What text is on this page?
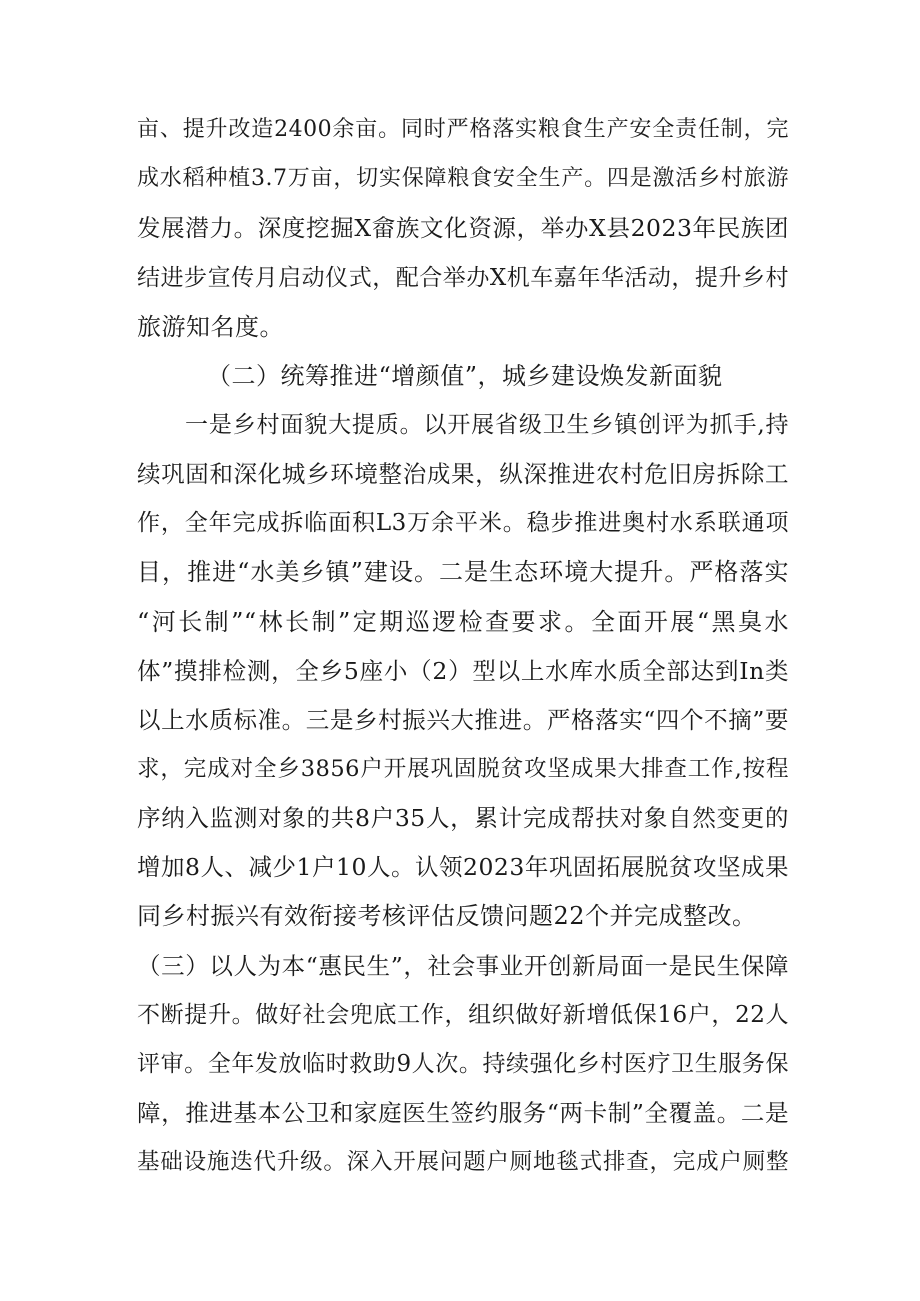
亩、提升改造2400余亩。同时严格落实粮食生产安全责任制，完
成水稻种植3.7万亩，切实保障粮食安全生产。四是激活乡村旅游
发展潜力。深度挖掘X畲族文化资源，举办X县2023年民族团
结进步宣传月启动仪式，配合举办X机车嘉年华活动，提升乡村
旅游知名度。
（二）统筹推进“增颜值”，城乡建设焕发新面貌
一是乡村面貌大提质。以开展省级卫生乡镇创评为抓手,持
续巩固和深化城乡环境整治成果，纵深推进农村危旧房拆除工
作，全年完成拆临面积L3万余平米。稳步推进奥村水系联通项
目，推进“水美乡镇”建设。二是生态环境大提升。严格落实
“河长制”“林长制”定期巡逻检查要求。全面开展“黑臭水
体”摸排检测，全乡5座小（2）型以上水库水质全部达到In类
以上水质标准。三是乡村振兴大推进。严格落实“四个不摘”要
求，完成对全乡3856户开展巩固脱贫攻坚成果大排查工作,按程
序纳入监测对象的共8户35人，累计完成帮扶对象自然变更的
增加8人、减少1户10人。认领2023年巩固拓展脱贫攻坚成果
同乡村振兴有效衔接考核评估反馈问题22个并完成整改。
（三）以人为本“惠民生”，社会事业开创新局面一是民生保障
不断提升。做好社会兜底工作，组织做好新增低保16户，22人
评审。全年发放临时救助9人次。持续强化乡村医疗卫生服务保
障，推进基本公卫和家庭医生签约服务“两卡制”全覆盖。二是
基础设施迭代升级。深入开展问题户厕地毯式排查，完成户厕整
